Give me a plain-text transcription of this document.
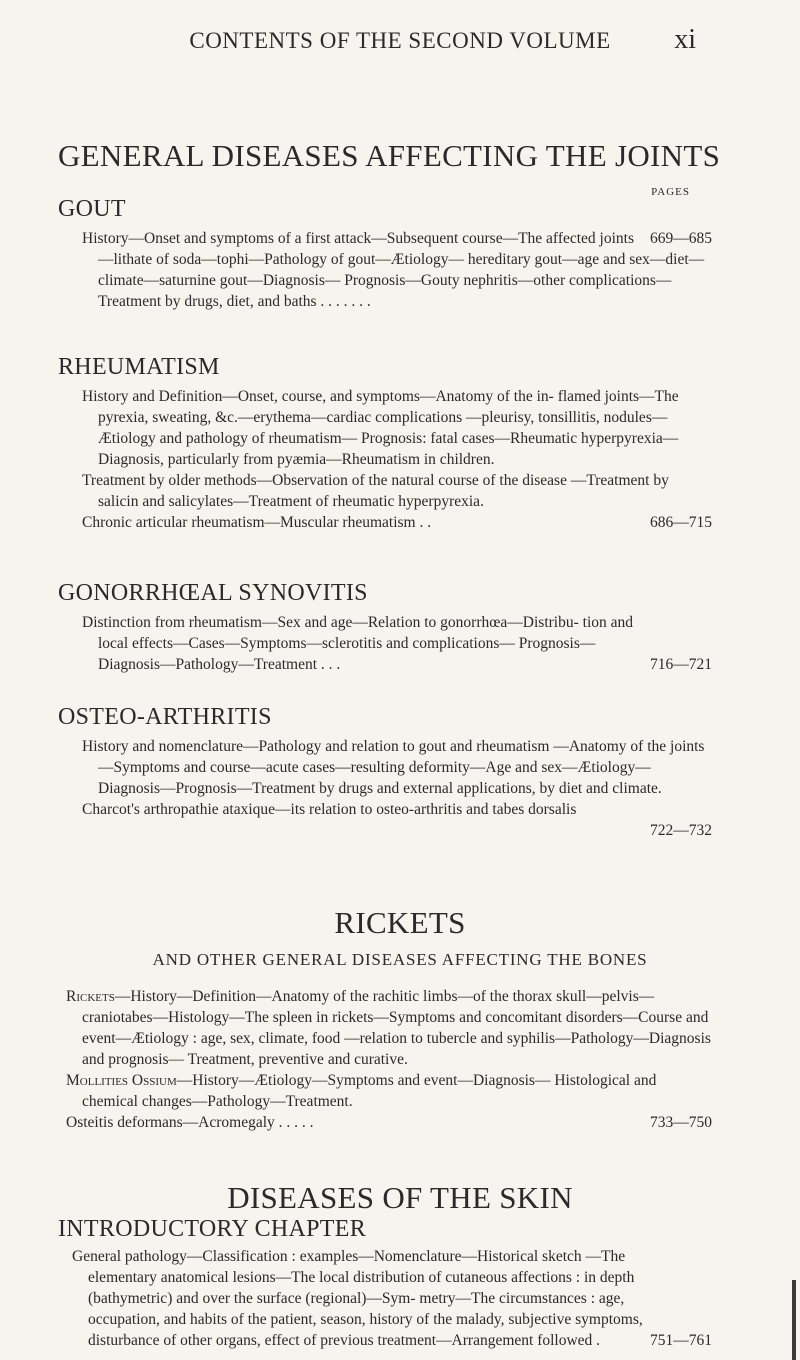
CONTENTS OF THE SECOND VOLUME	xi
GENERAL DISEASES AFFECTING THE JOINTS
PAGES
GOUT

669—685
History—Onset and symptoms of a first attack—Subsequent course—The affected joints—lithate of soda—tophi—Pathology of gout—Ætiology— hereditary gout—age and sex—diet—climate—saturnine gout—Diagnosis— Prognosis—Gouty nephritis—other complications—Treatment by drugs, diet, and baths . . . . . . .

RHEUMATISM

History and Definition—Onset, course, and symptoms—Anatomy of the in- flamed joints—The pyrexia, sweating, &c.—erythema—cardiac complications —pleurisy, tonsillitis, nodules—Ætiology and pathology of rheumatism— Prognosis: fatal cases—Rheumatic hyperpyrexia—Diagnosis, particularly from pyæmia—Rheumatism in children.

Treatment by older methods—Observation of the natural course of the disease —Treatment by salicin and salicylates—Treatment of rheumatic hyperpyrexia.

686—715
Chronic articular rheumatism—Muscular rheumatism . .

GONORRHŒAL SYNOVITIS

716—721
Distinction from rheumatism—Sex and age—Relation to gonorrhœa—Distribu- tion and local effects—Cases—Symptoms—sclerotitis and complications— Prognosis—Diagnosis—Pathology—Treatment . . .

OSTEO-ARTHRITIS

History and nomenclature—Pathology and relation to gout and rheumatism —Anatomy of the joints—Symptoms and course—acute cases—resulting deformity—Age and sex—Ætiology—Diagnosis—Prognosis—Treatment by drugs and external applications, by diet and climate.

Charcot's arthropathie ataxique—its relation to osteo-arthritis and tabes dorsalis

722—732
RICKETS
AND OTHER GENERAL DISEASES AFFECTING THE BONES

Rickets—History—Definition—Anatomy of the rachitic limbs—of the thorax skull—pelvis—craniotabes—Histology—The spleen in rickets—Symptoms and concomitant disorders—Course and event—Ætiology : age, sex, climate, food —relation to tubercle and syphilis—Pathology—Diagnosis and prognosis— Treatment, preventive and curative.

Mollities Ossium—History—Ætiology—Symptoms and event—Diagnosis— Histological and chemical changes—Pathology—Treatment.

733—750
Osteitis deformans—Acromegaly . . . . .

DISEASES OF THE SKIN
INTRODUCTORY CHAPTER

751—761
General pathology—Classification : examples—Nomenclature—Historical sketch —The elementary anatomical lesions—The local distribution of cutaneous affections : in depth (bathymetric) and over the surface (regional)—Sym- metry—The circumstances : age, occupation, and habits of the patient, season, history of the malady, subjective symptoms, disturbance of other organs, effect of previous treatment—Arrangement followed .
